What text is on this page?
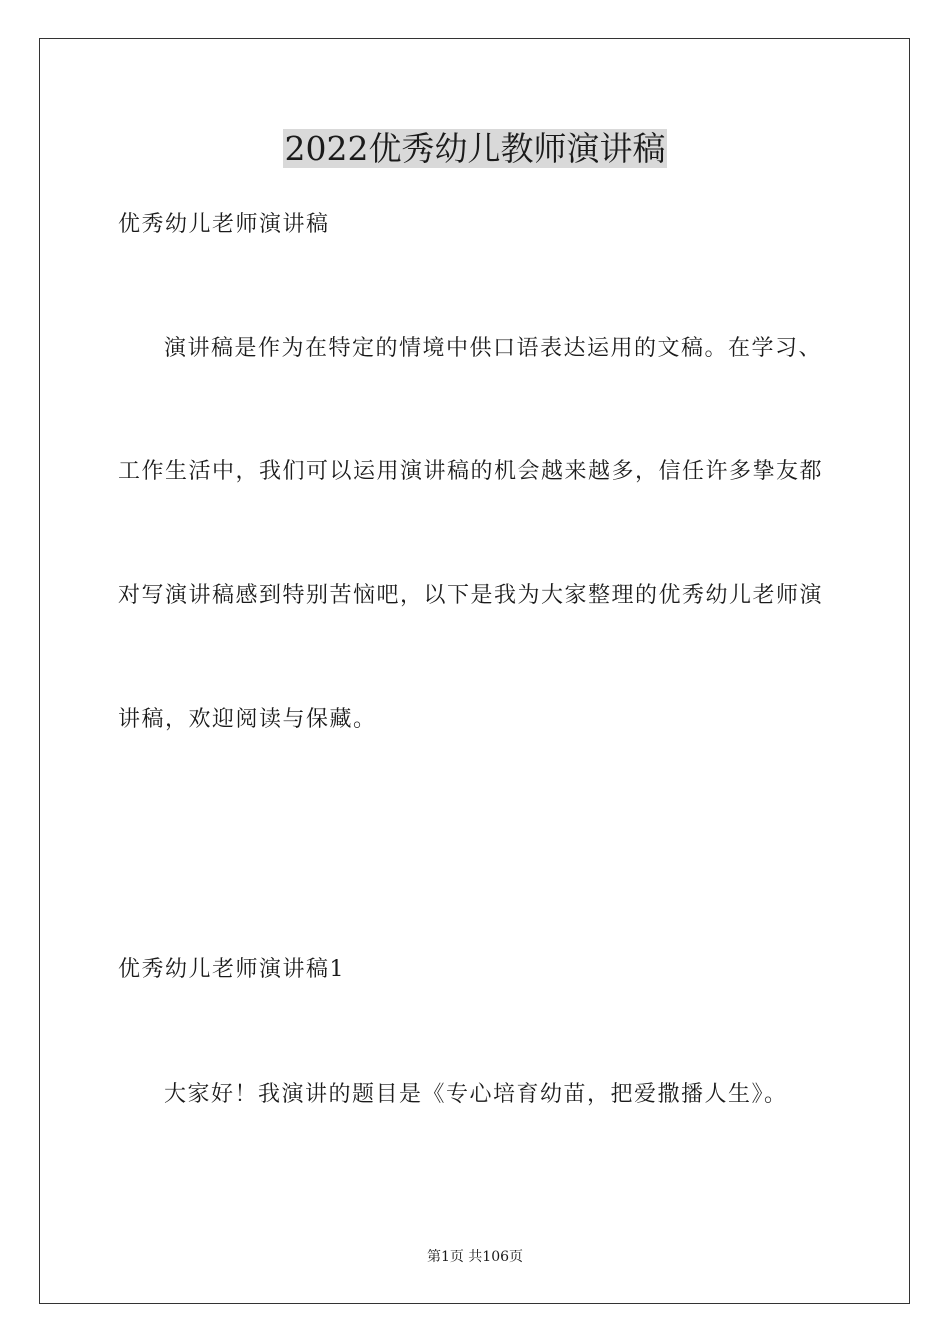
2022优秀幼儿教师演讲稿

优秀幼儿老师演讲稿

演讲稿是作为在特定的情境中供口语表达运用的文稿。在学习、

工作生活中，我们可以运用演讲稿的机会越来越多，信任许多挚友都

对写演讲稿感到特别苦恼吧，以下是我为大家整理的优秀幼儿老师演

讲稿，欢迎阅读与保藏。

优秀幼儿老师演讲稿1

大家好！我演讲的题目是《专心培育幼苗，把爱撒播人生》。

第1页 共106页
